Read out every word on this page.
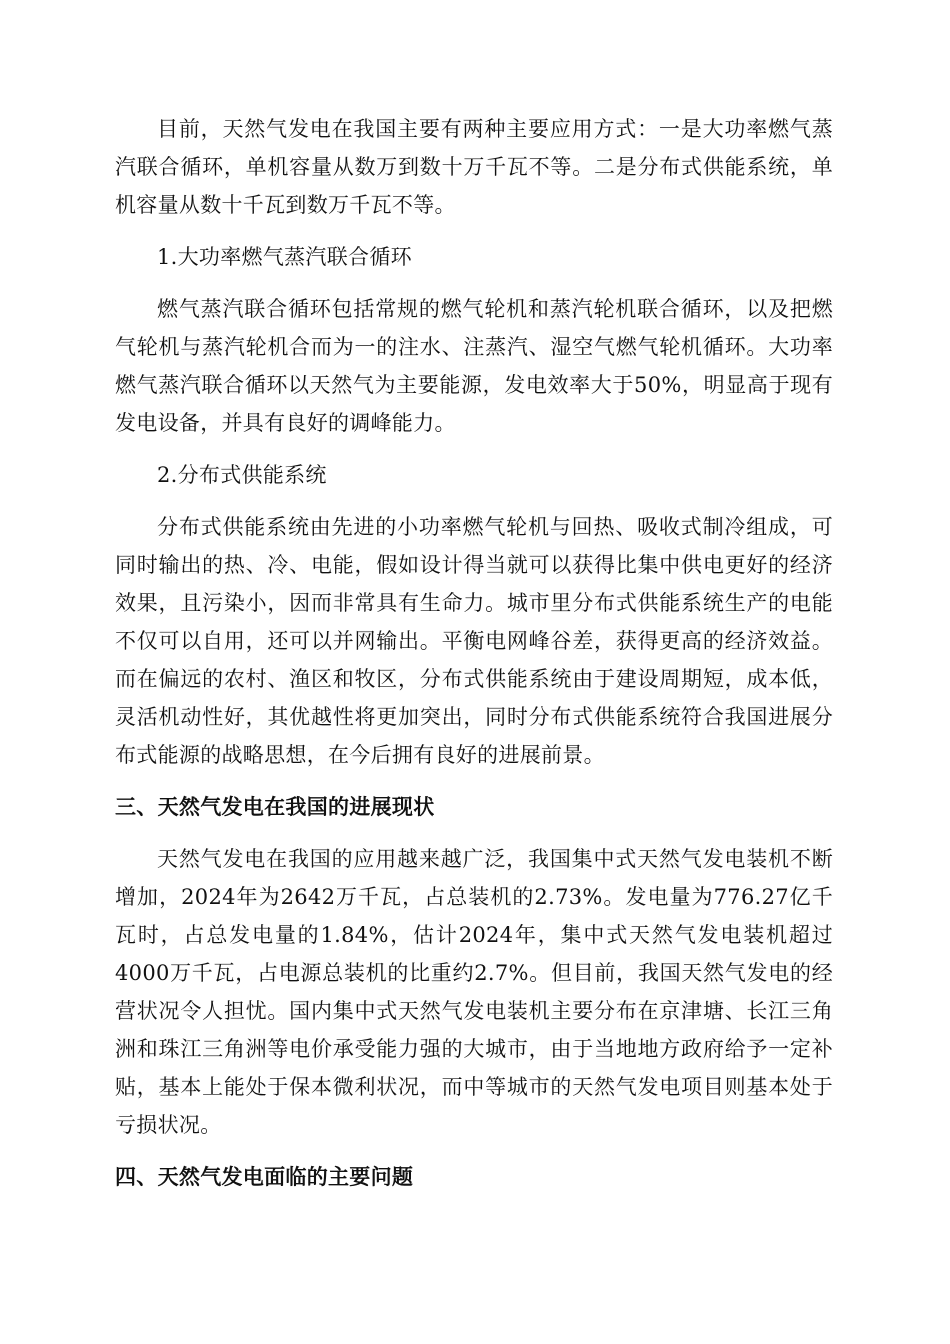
目前，天然气发电在我国主要有两种主要应用方式：一是大功率燃气蒸汽联合循环，单机容量从数万到数十万千瓦不等。二是分布式供能系统，单机容量从数十千瓦到数万千瓦不等。

1.大功率燃气蒸汽联合循环

燃气蒸汽联合循环包括常规的燃气轮机和蒸汽轮机联合循环，以及把燃气轮机与蒸汽轮机合而为一的注水、注蒸汽、湿空气燃气轮机循环。大功率燃气蒸汽联合循环以天然气为主要能源，发电效率大于50%，明显高于现有发电设备，并具有良好的调峰能力。

2.分布式供能系统

分布式供能系统由先进的小功率燃气轮机与回热、吸收式制冷组成，可同时输出的热、冷、电能，假如设计得当就可以获得比集中供电更好的经济效果，且污染小，因而非常具有生命力。城市里分布式供能系统生产的电能不仅可以自用，还可以并网输出。平衡电网峰谷差，获得更高的经济效益。而在偏远的农村、渔区和牧区，分布式供能系统由于建设周期短，成本低，灵活机动性好，其优越性将更加突出，同时分布式供能系统符合我国进展分布式能源的战略思想，在今后拥有良好的进展前景。

三、天然气发电在我国的进展现状

天然气发电在我国的应用越来越广泛，我国集中式天然气发电装机不断增加，2024年为2642万千瓦，占总装机的2.73%。发电量为776.27亿千瓦时，占总发电量的1.84%，估计2024年，集中式天然气发电装机超过4000万千瓦，占电源总装机的比重约2.7%。但目前，我国天然气发电的经营状况令人担忧。国内集中式天然气发电装机主要分布在京津塘、长江三角洲和珠江三角洲等电价承受能力强的大城市，由于当地地方政府给予一定补贴，基本上能处于保本微利状况，而中等城市的天然气发电项目则基本处于亏损状况。

四、天然气发电面临的主要问题
